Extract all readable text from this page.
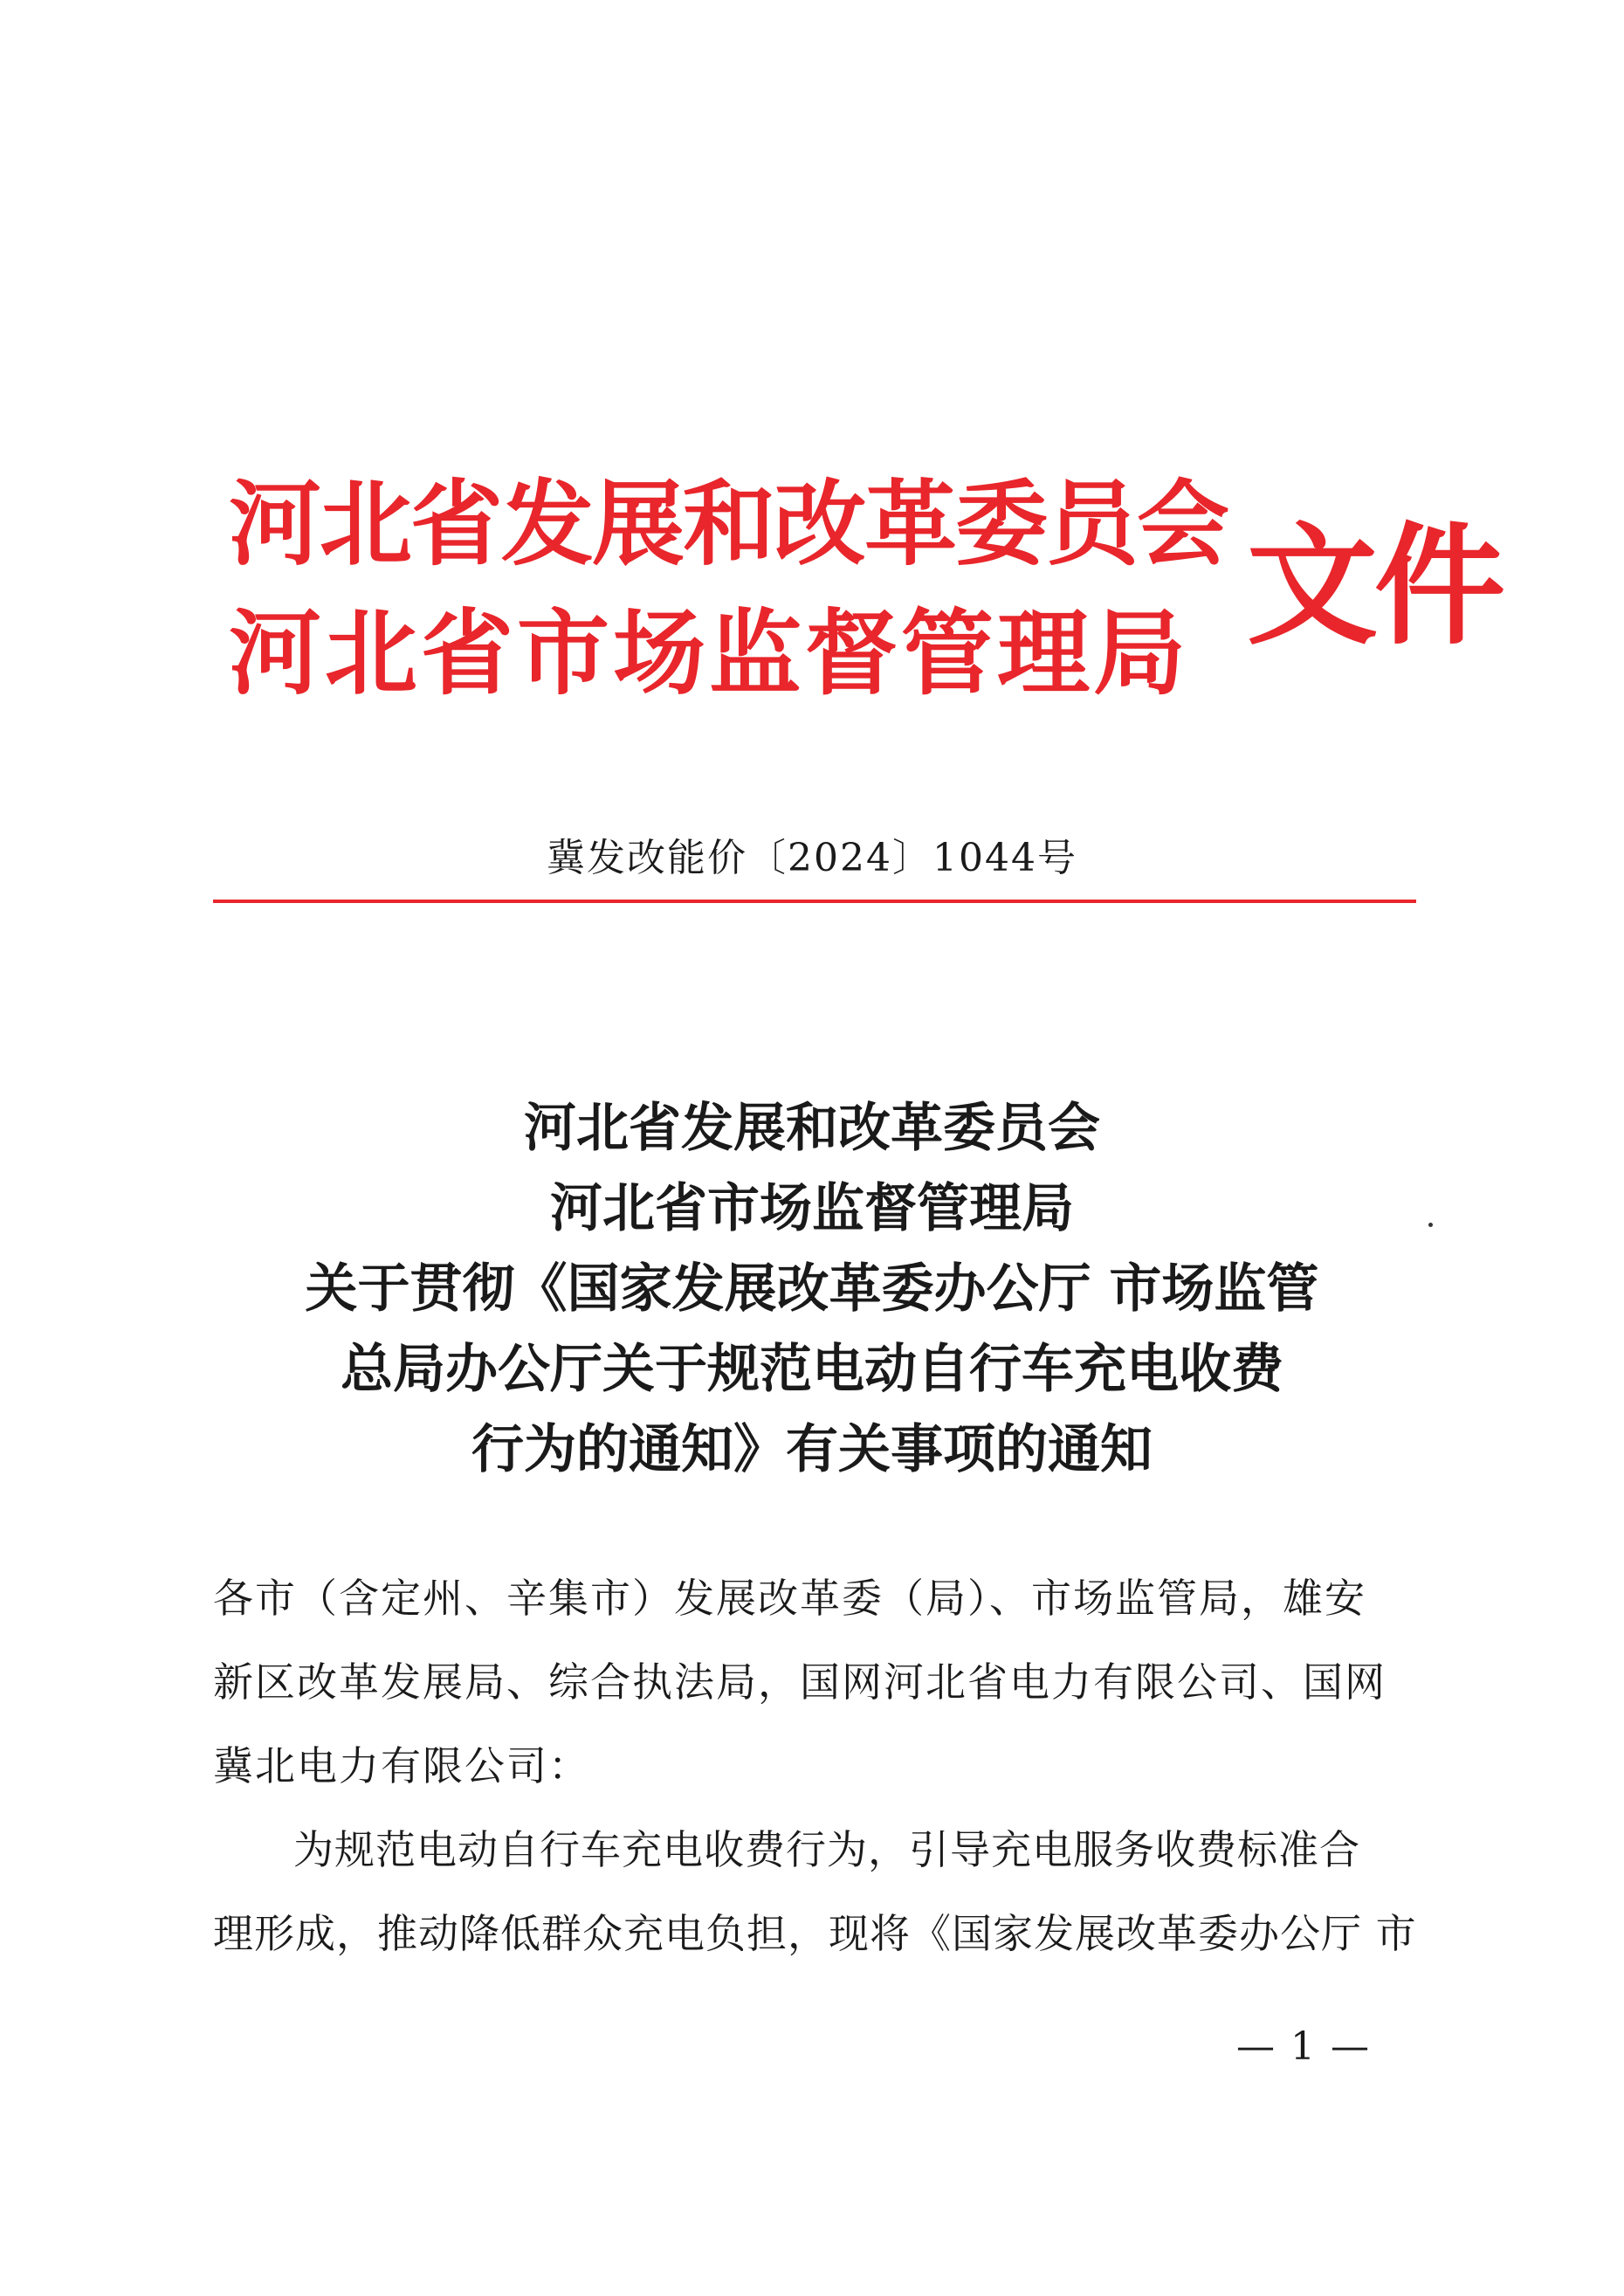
河北省发展和改革委员会
河北省市场监督管理局 文件
冀发改能价〔2024〕1044号
河北省发展和改革委员会
河北省市场监督管理局
关于贯彻《国家发展改革委办公厅 市场监管
总局办公厅关于规范电动自行车充电收费
行为的通知》有关事项的通知
各市（含定州、辛集市）发展改革委（局）、市场监管局，雄安
新区改革发展局、综合执法局，国网河北省电力有限公司、国网
冀北电力有限公司：
为规范电动自行车充电收费行为，引导充电服务收费标准合
理形成，推动降低群众充电负担，现将《国家发展改革委办公厅 市
— 1 —
